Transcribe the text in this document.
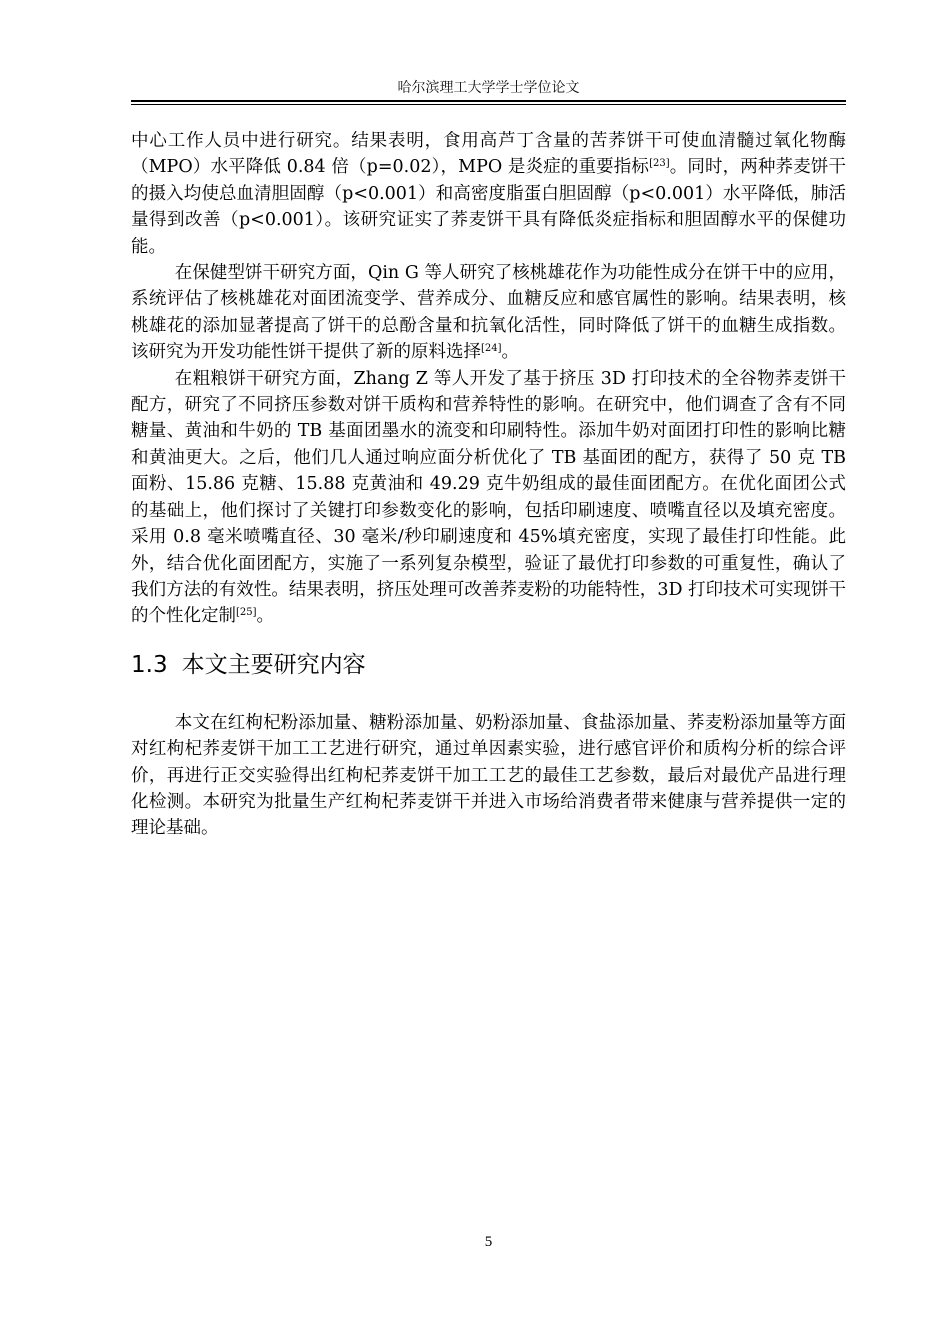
哈尔滨理工大学学士学位论文

中心工作人员中进行研究。结果表明，食用高芦丁含量的苦荞饼干可使血清髓过氧化物酶（MPO）水平降低 0.84 倍（p=0.02），MPO 是炎症的重要指标[23]。同时，两种荞麦饼干的摄入均使总血清胆固醇（p<0.001）和高密度脂蛋白胆固醇（p<0.001）水平降低，肺活量得到改善（p<0.001）。该研究证实了荞麦饼干具有降低炎症指标和胆固醇水平的保健功能。

在保健型饼干研究方面，Qin G 等人研究了核桃雄花作为功能性成分在饼干中的应用，系统评估了核桃雄花对面团流变学、营养成分、血糖反应和感官属性的影响。结果表明，核桃雄花的添加显著提高了饼干的总酚含量和抗氧化活性，同时降低了饼干的血糖生成指数。该研究为开发功能性饼干提供了新的原料选择[24]。

在粗粮饼干研究方面，Zhang Z 等人开发了基于挤压 3D 打印技术的全谷物荞麦饼干配方，研究了不同挤压参数对饼干质构和营养特性的影响。在研究中，他们调查了含有不同糖量、黄油和牛奶的 TB 基面团墨水的流变和印刷特性。添加牛奶对面团打印性的影响比糖和黄油更大。之后，他们几人通过响应面分析优化了 TB 基面团的配方，获得了 50 克 TB 面粉、15.86 克糖、15.88 克黄油和 49.29 克牛奶组成的最佳面团配方。在优化面团公式的基础上，他们探讨了关键打印参数变化的影响，包括印刷速度、喷嘴直径以及填充密度。采用 0.8 毫米喷嘴直径、30 毫米/秒印刷速度和 45%填充密度，实现了最佳打印性能。此外，结合优化面团配方，实施了一系列复杂模型，验证了最优打印参数的可重复性，确认了我们方法的有效性。结果表明，挤压处理可改善荞麦粉的功能特性，3D 打印技术可实现饼干的个性化定制[25]。

1.3 本文主要研究内容

本文在红枸杞粉添加量、糖粉添加量、奶粉添加量、食盐添加量、荞麦粉添加量等方面对红枸杞荞麦饼干加工工艺进行研究，通过单因素实验，进行感官评价和质构分析的综合评价，再进行正交实验得出红枸杞荞麦饼干加工工艺的最佳工艺参数，最后对最优产品进行理化检测。本研究为批量生产红枸杞荞麦饼干并进入市场给消费者带来健康与营养提供一定的理论基础。

5
